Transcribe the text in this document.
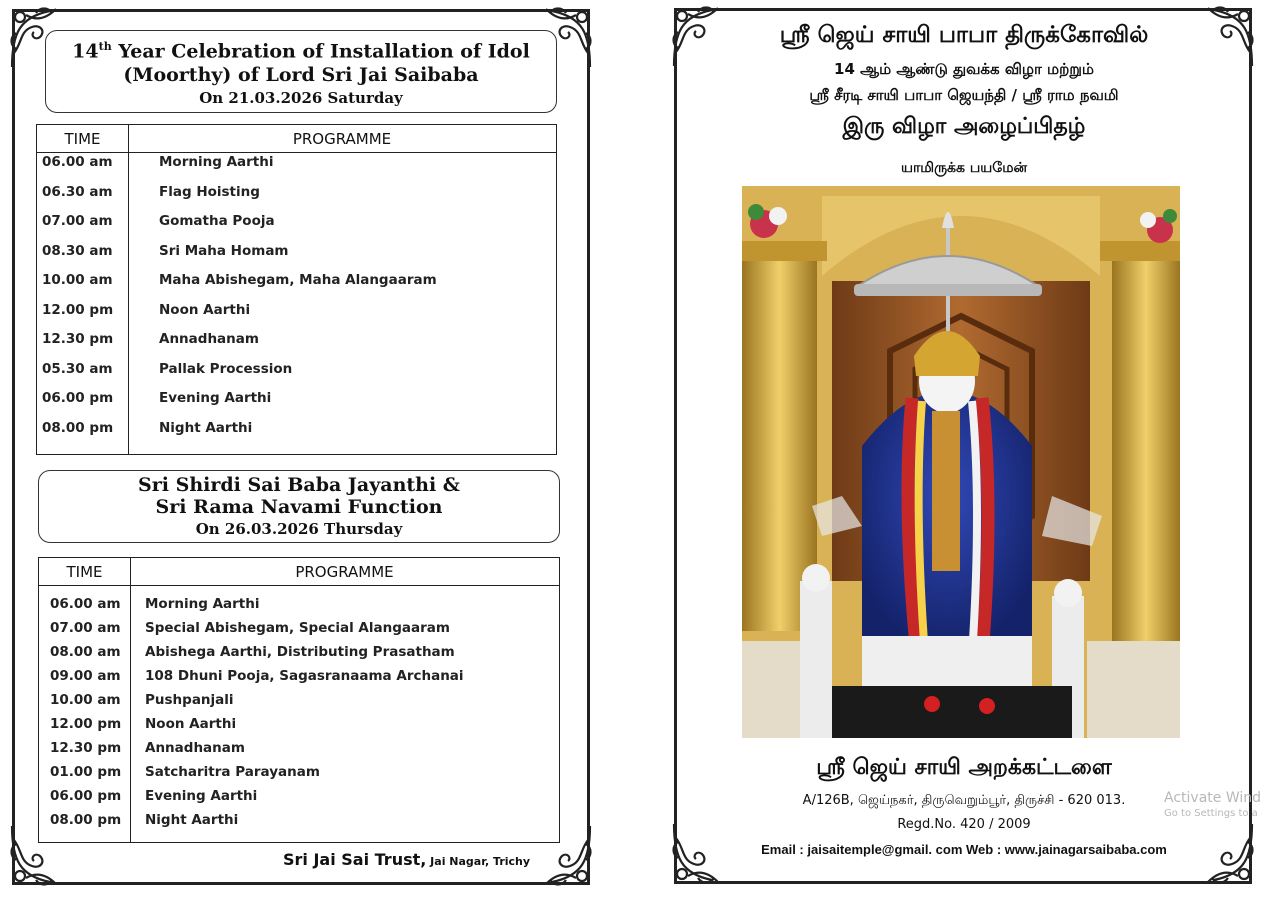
14th Year Celebration of Installation of Idol
(Moorthy) of Lord Sri Jai Saibaba
On 21.03.2026 Saturday
TIME	PROGRAMME
06.00 am	Morning Aarthi
06.30 am	Flag Hoisting
07.00 am	Gomatha Pooja
08.30 am	Sri Maha Homam
10.00 am	Maha Abishegam, Maha Alangaaram
12.00 pm	Noon Aarthi
12.30 pm	Annadhanam
05.30 am	Pallak Procession
06.00 pm	Evening Aarthi
08.00 pm	Night Aarthi
Sri Shirdi Sai Baba Jayanthi &
Sri Rama Navami Function
On 26.03.2026 Thursday
TIME	PROGRAMME
06.00 am Morning Aarthi
07.00 am Special Abishegam, Special Alangaaram
08.00 am Abishega Aarthi, Distributing Prasatham
09.00 am 108 Dhuni Pooja, Sagasranaama Archanai
10.00 am Pushpanjali
12.00 pm Noon Aarthi
12.30 pm Annadhanam
01.00 pm Satcharitra Parayanam
06.00 pm Evening Aarthi
08.00 pm Night Aarthi
Sri Jai Sai Trust, Jai Nagar, Trichy
ஸ்ரீ ஜெய் சாயி பாபா திருக்கோவில்
14 ஆம் ஆண்டு துவக்க விழா மற்றும்
ஸ்ரீ சீரடி சாயி பாபா ஜெயந்தி / ஸ்ரீ ராம நவமி
இரு விழா அழைப்பிதழ்
யாமிருக்க பயமேன்
ஸ்ரீ ஜெய் சாயி அறக்கட்டளை
A/126B, ஜெய்நகர், திருவெறும்பூர், திருச்சி - 620 013.
Regd.No. 420 / 2009
Email : jaisaitemple@gmail. com Web : www.jainagarsaibaba.com
Activate Wind
Go to Settings to a
